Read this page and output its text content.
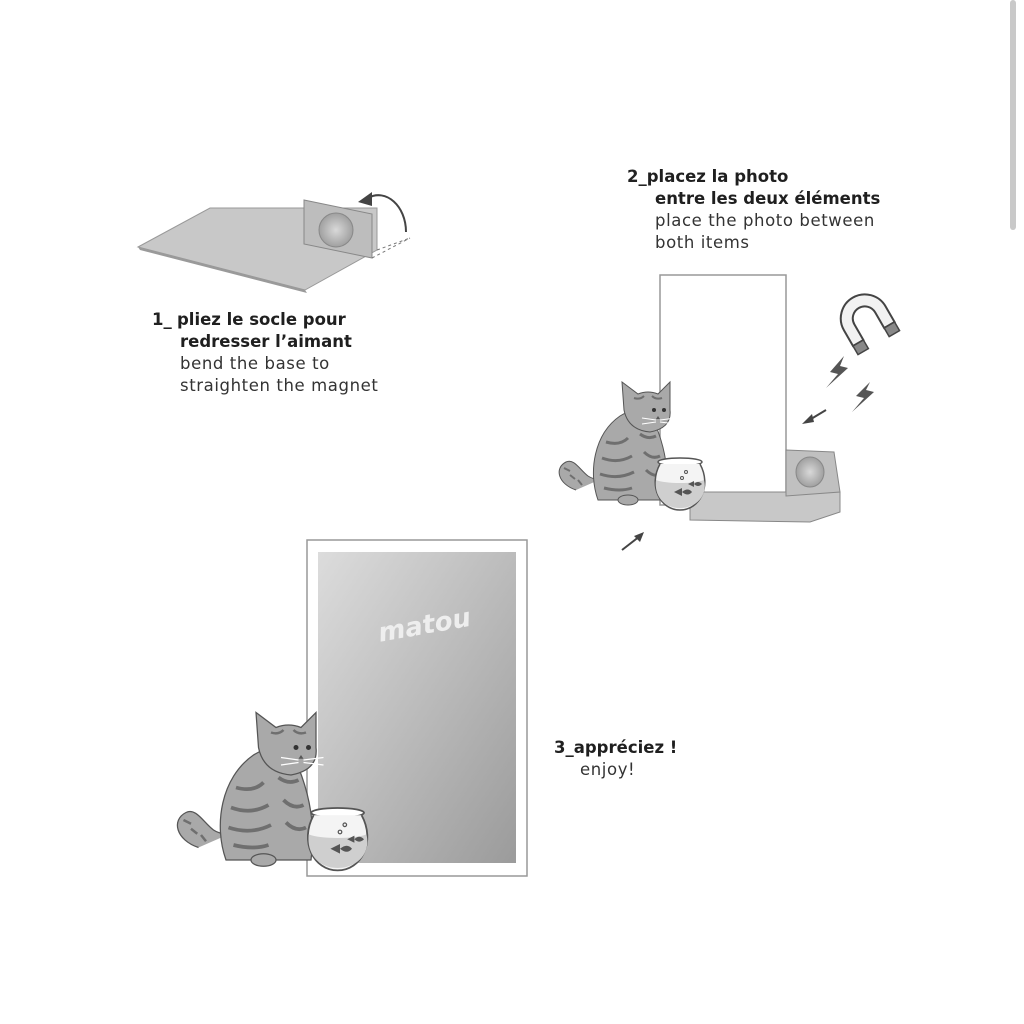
matou
1_ pliez le socle pour
redresser l’aimant
bend the base to
straighten the magnet
2_placez la photo
entre les deux éléments
place the photo between
both items
3_appréciez !
enjoy!
